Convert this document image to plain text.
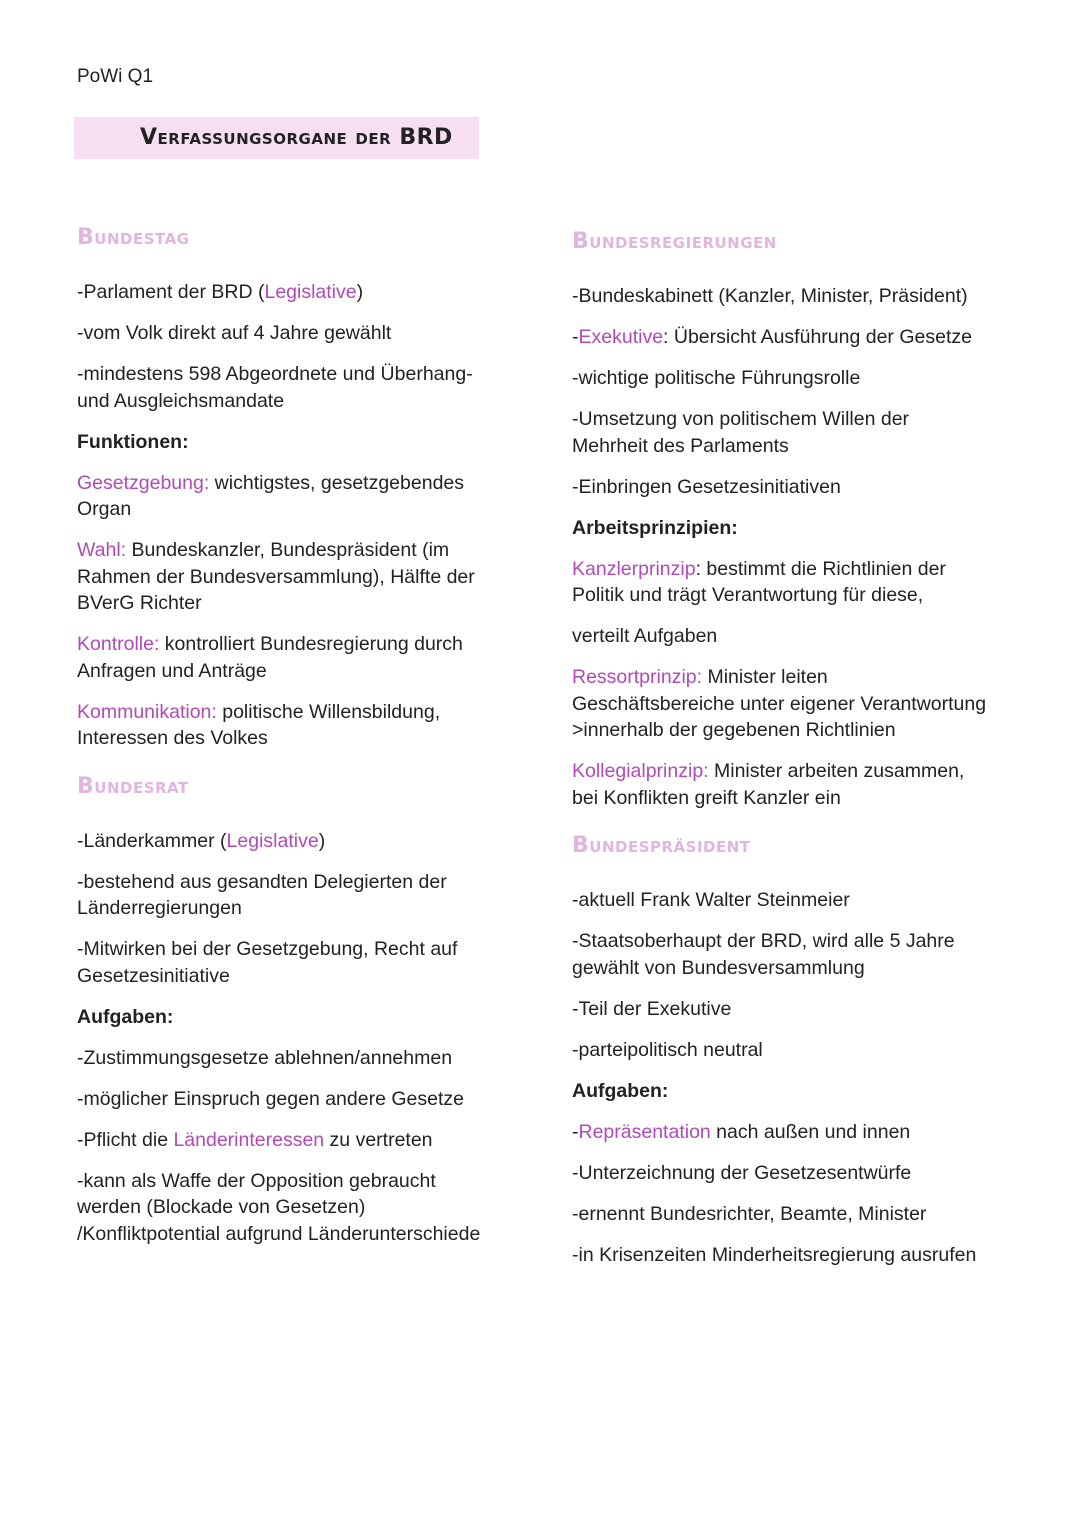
PoWi Q1
Verfassungsorgane der BRD
Bundestag

-Parlament der BRD (Legislative)

-vom Volk direkt auf 4 Jahre gewählt

-mindestens 598 Abgeordnete und Überhang-
und Ausgleichsmandate

Funktionen:

Gesetzgebung: wichtigstes, gesetzgebendes
Organ

Wahl: Bundeskanzler, Bundespräsident (im
Rahmen der Bundesversammlung), Hälfte der
BVerG Richter

Kontrolle: kontrolliert Bundesregierung durch
Anfragen und Anträge

Kommunikation: politische Willensbildung,
Interessen des Volkes

Bundesrat

-Länderkammer (Legislative)

-bestehend aus gesandten Delegierten der
Länderregierungen

-Mitwirken bei der Gesetzgebung, Recht auf
Gesetzesinitiative

Aufgaben:

-Zustimmungsgesetze ablehnen/annehmen

-möglicher Einspruch gegen andere Gesetze

-Pflicht die Länderinteressen zu vertreten

-kann als Waffe der Opposition gebraucht
werden (Blockade von Gesetzen)
/Konfliktpotential aufgrund Länderunterschiede

Bundesregierungen

-Bundeskabinett (Kanzler, Minister, Präsident)

-Exekutive: Übersicht Ausführung der Gesetze

-wichtige politische Führungsrolle

-Umsetzung von politischem Willen der
Mehrheit des Parlaments

-Einbringen Gesetzesinitiativen

Arbeitsprinzipien:

Kanzlerprinzip: bestimmt die Richtlinien der
Politik und trägt Verantwortung für diese,

verteilt Aufgaben

Ressortprinzip: Minister leiten
Geschäftsbereiche unter eigener Verantwortung
>innerhalb der gegebenen Richtlinien

Kollegialprinzip: Minister arbeiten zusammen,
bei Konflikten greift Kanzler ein

Bundespräsident

-aktuell Frank Walter Steinmeier

-Staatsoberhaupt der BRD, wird alle 5 Jahre
gewählt von Bundesversammlung

-Teil der Exekutive

-parteipolitisch neutral

Aufgaben:

-Repräsentation nach außen und innen

-Unterzeichnung der Gesetzesentwürfe

-ernennt Bundesrichter, Beamte, Minister

-in Krisenzeiten Minderheitsregierung ausrufen
